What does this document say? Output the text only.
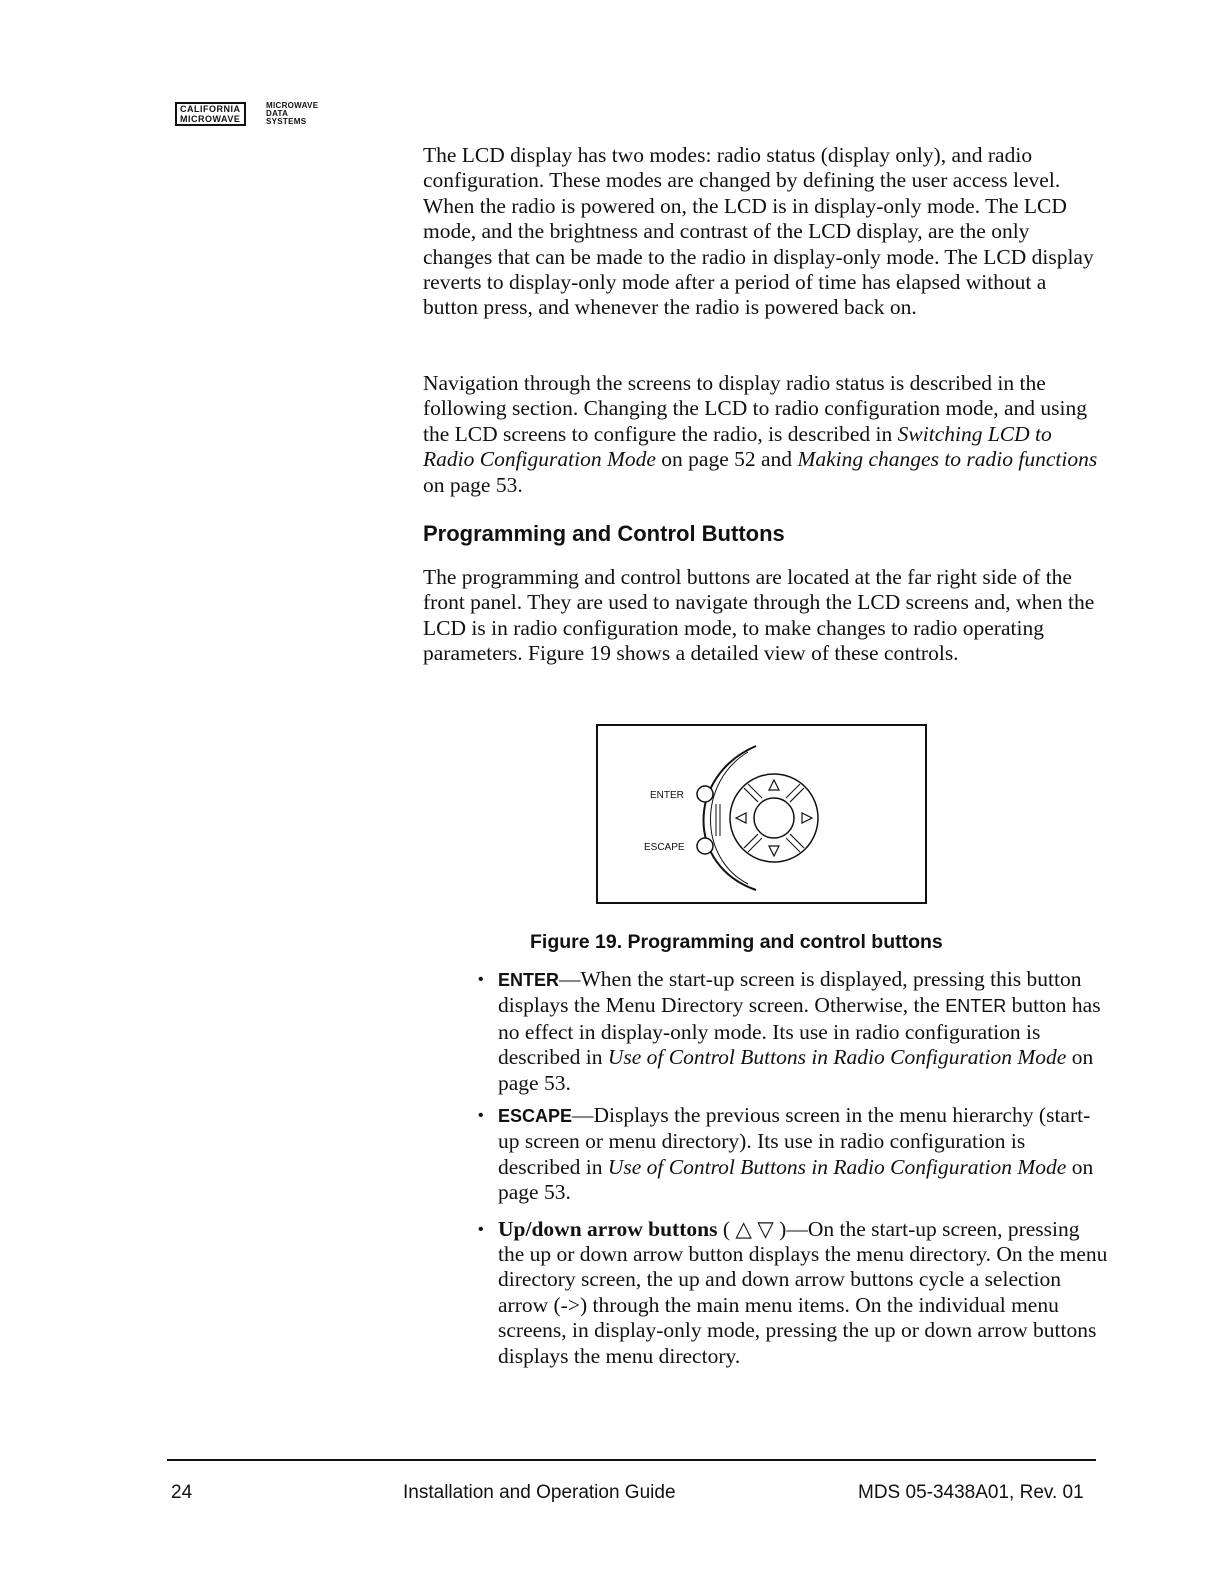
CALIFORNIA
MICROWAVE
MICROWAVE
DATA
SYSTEMS

The LCD display has two modes: radio status (display only), and radio configuration. These modes are changed by defining the user access level. When the radio is powered on, the LCD is in display-only mode. The LCD mode, and the brightness and contrast of the LCD display, are the only changes that can be made to the radio in display-only mode. The LCD display reverts to display-only mode after a period of time has elapsed without a button press, and whenever the radio is powered back on.

Navigation through the screens to display radio status is described in the following section. Changing the LCD to radio configuration mode, and using the LCD screens to configure the radio, is described in Switching LCD to Radio Configuration Mode on page 52 and Making changes to radio functions on page 53.

Programming and Control Buttons

The programming and control buttons are located at the far right side of the front panel. They are used to navigate through the LCD screens and, when the LCD is in radio configuration mode, to make changes to radio operating parameters. Figure 19 shows a detailed view of these controls.

ENTER
ESCAPE

Figure 19. Programming and control buttons

• ENTER—When the start-up screen is displayed, pressing this button displays the Menu Directory screen. Otherwise, the ENTER button has no effect in display-only mode. Its use in radio configuration is described in Use of Control Buttons in Radio Configuration Mode on page 53.
• ESCAPE—Displays the previous screen in the menu hierarchy (start-up screen or menu directory). Its use in radio configuration is described in Use of Control Buttons in Radio Configuration Mode on page 53.
• Up/down arrow buttons ( △ ▽ )—On the start-up screen, pressing the up or down arrow button displays the menu directory. On the menu directory screen, the up and down arrow buttons cycle a selection arrow (->) through the main menu items. On the individual menu screens, in display-only mode, pressing the up or down arrow buttons displays the menu directory.
24	Installation and Operation Guide	MDS 05-3438A01, Rev. 01
